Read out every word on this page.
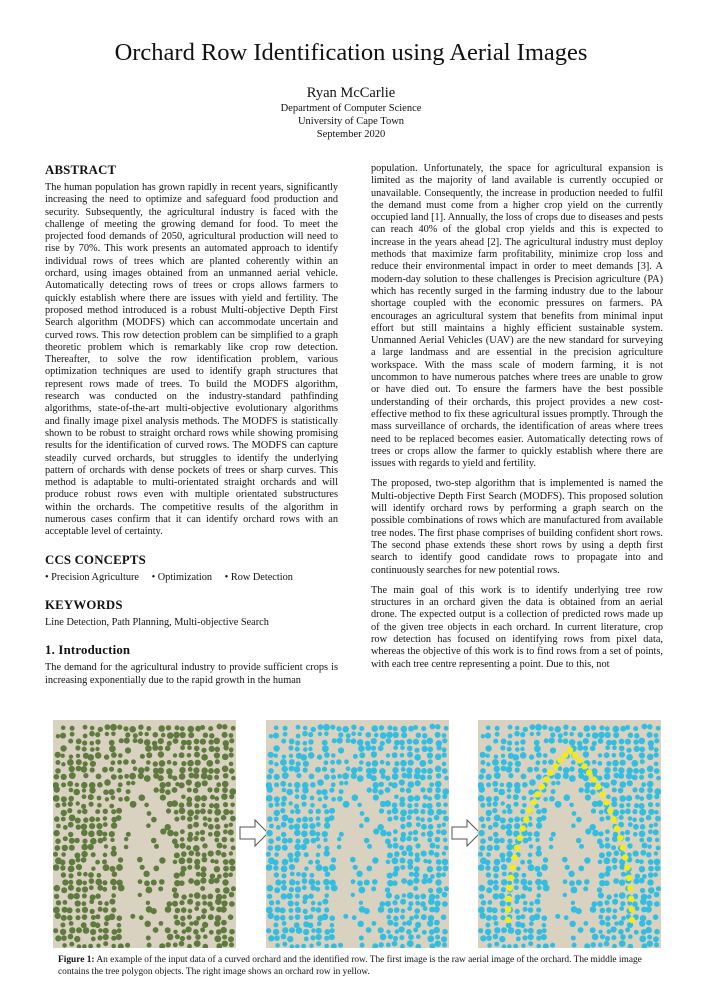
Orchard Row Identification using Aerial Images
Ryan McCarlie
Department of Computer Science
University of Cape Town
September 2020
ABSTRACT

The human population has grown rapidly in recent years, significantly increasing the need to optimize and safeguard food production and security. Subsequently, the agricultural industry is faced with the challenge of meeting the growing demand for food. To meet the projected food demands of 2050, agricultural production will need to rise by 70%. This work presents an automated approach to identify individual rows of trees which are planted coherently within an orchard, using images obtained from an unmanned aerial vehicle. Automatically detecting rows of trees or crops allows farmers to quickly establish where there are issues with yield and fertility. The proposed method introduced is a robust Multi-objective Depth First Search algorithm (MODFS) which can accommodate uncertain and curved rows. This row detection problem can be simplified to a graph theoretic problem which is remarkably like crop row detection. Thereafter, to solve the row identification problem, various optimization techniques are used to identify graph structures that represent rows made of trees. To build the MODFS algorithm, research was conducted on the industry-standard pathfinding algorithms, state-of-the-art multi-objective evolutionary algorithms and finally image pixel analysis methods. The MODFS is statistically shown to be robust to straight orchard rows while showing promising results for the identification of curved rows. The MODFS can capture steadily curved orchards, but struggles to identify the underlying pattern of orchards with dense pockets of trees or sharp curves. This method is adaptable to multi-orientated straight orchards and will produce robust rows even with multiple orientated substructures within the orchards. The competitive results of the algorithm in numerous cases confirm that it can identify orchard rows with an acceptable level of certainty.

CCS CONCEPTS

• Precision Agriculture • Optimization • Row Detection

KEYWORDS

Line Detection, Path Planning, Multi-objective Search

1. Introduction

The demand for the agricultural industry to provide sufficient crops is increasing exponentially due to the rapid growth in the human

population. Unfortunately, the space for agricultural expansion is limited as the majority of land available is currently occupied or unavailable. Consequently, the increase in production needed to fulfil the demand must come from a higher crop yield on the currently occupied land [1]. Annually, the loss of crops due to diseases and pests can reach 40% of the global crop yields and this is expected to increase in the years ahead [2]. The agricultural industry must deploy methods that maximize farm profitability, minimize crop loss and reduce their environmental impact in order to meet demands [3]. A modern-day solution to these challenges is Precision agriculture (PA) which has recently surged in the farming industry due to the labour shortage coupled with the economic pressures on farmers. PA encourages an agricultural system that benefits from minimal input effort but still maintains a highly efficient sustainable system. Unmanned Aerial Vehicles (UAV) are the new standard for surveying a large landmass and are essential in the precision agriculture workspace. With the mass scale of modern farming, it is not uncommon to have numerous patches where trees are unable to grow or have died out. To ensure the farmers have the best possible understanding of their orchards, this project provides a new cost-effective method to fix these agricultural issues promptly. Through the mass surveillance of orchards, the identification of areas where trees need to be replaced becomes easier. Automatically detecting rows of trees or crops allow the farmer to quickly establish where there are issues with regards to yield and fertility.

The proposed, two-step algorithm that is implemented is named the Multi-objective Depth First Search (MODFS). This proposed solution will identify orchard rows by performing a graph search on the possible combinations of rows which are manufactured from available tree nodes. The first phase comprises of building confident short rows. The second phase extends these short rows by using a depth first search to identify good candidate rows to propagate into and continuously searches for new potential rows.

The main goal of this work is to identify underlying tree row structures in an orchard given the data is obtained from an aerial drone. The expected output is a collection of predicted rows made up of the given tree objects in each orchard. In current literature, crop row detection has focused on identifying rows from pixel data, whereas the objective of this work is to find rows from a set of points, with each tree centre representing a point. Due to this, not

Figure 1: An example of the input data of a curved orchard and the identified row. The first image is the raw aerial image of the orchard. The middle image contains the tree polygon objects. The right image shows an orchard row in yellow.
